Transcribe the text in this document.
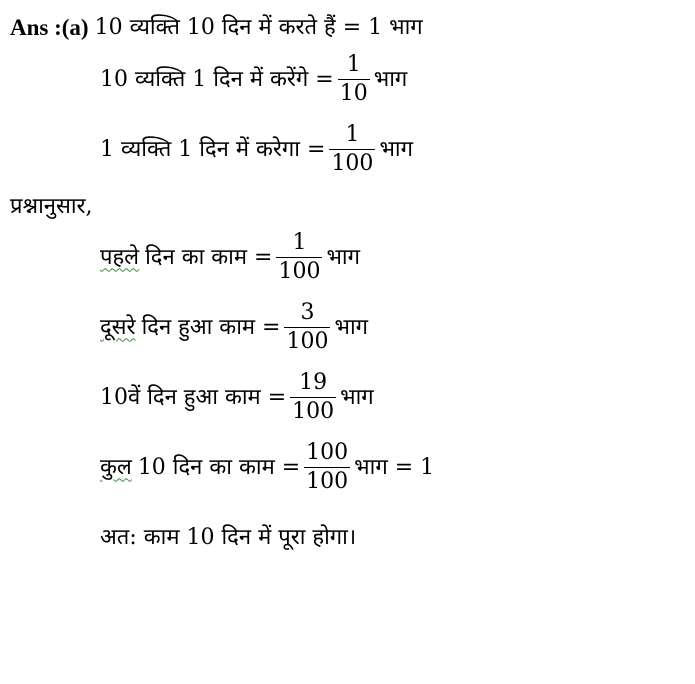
Ans :(a) 10 व्यक्ति 10 दिन में करते हैं = 1 भाग
10 व्यक्ति 1 दिन में करेंगे = $\frac{1}{10}$ भाग
1 व्यक्ति 1 दिन में करेगा = $\frac{1}{100}$ भाग
प्रश्नानुसार,
पहले दिन का काम = $\frac{1}{100}$ भाग
दूसरे दिन हुआ काम = $\frac{3}{100}$ भाग
10वें दिन हुआ काम = $\frac{19}{100}$ भाग
कुल 10 दिन का काम = $\frac{100}{100}$ भाग = 1
अत: काम 10 दिन में पूरा होगा।
